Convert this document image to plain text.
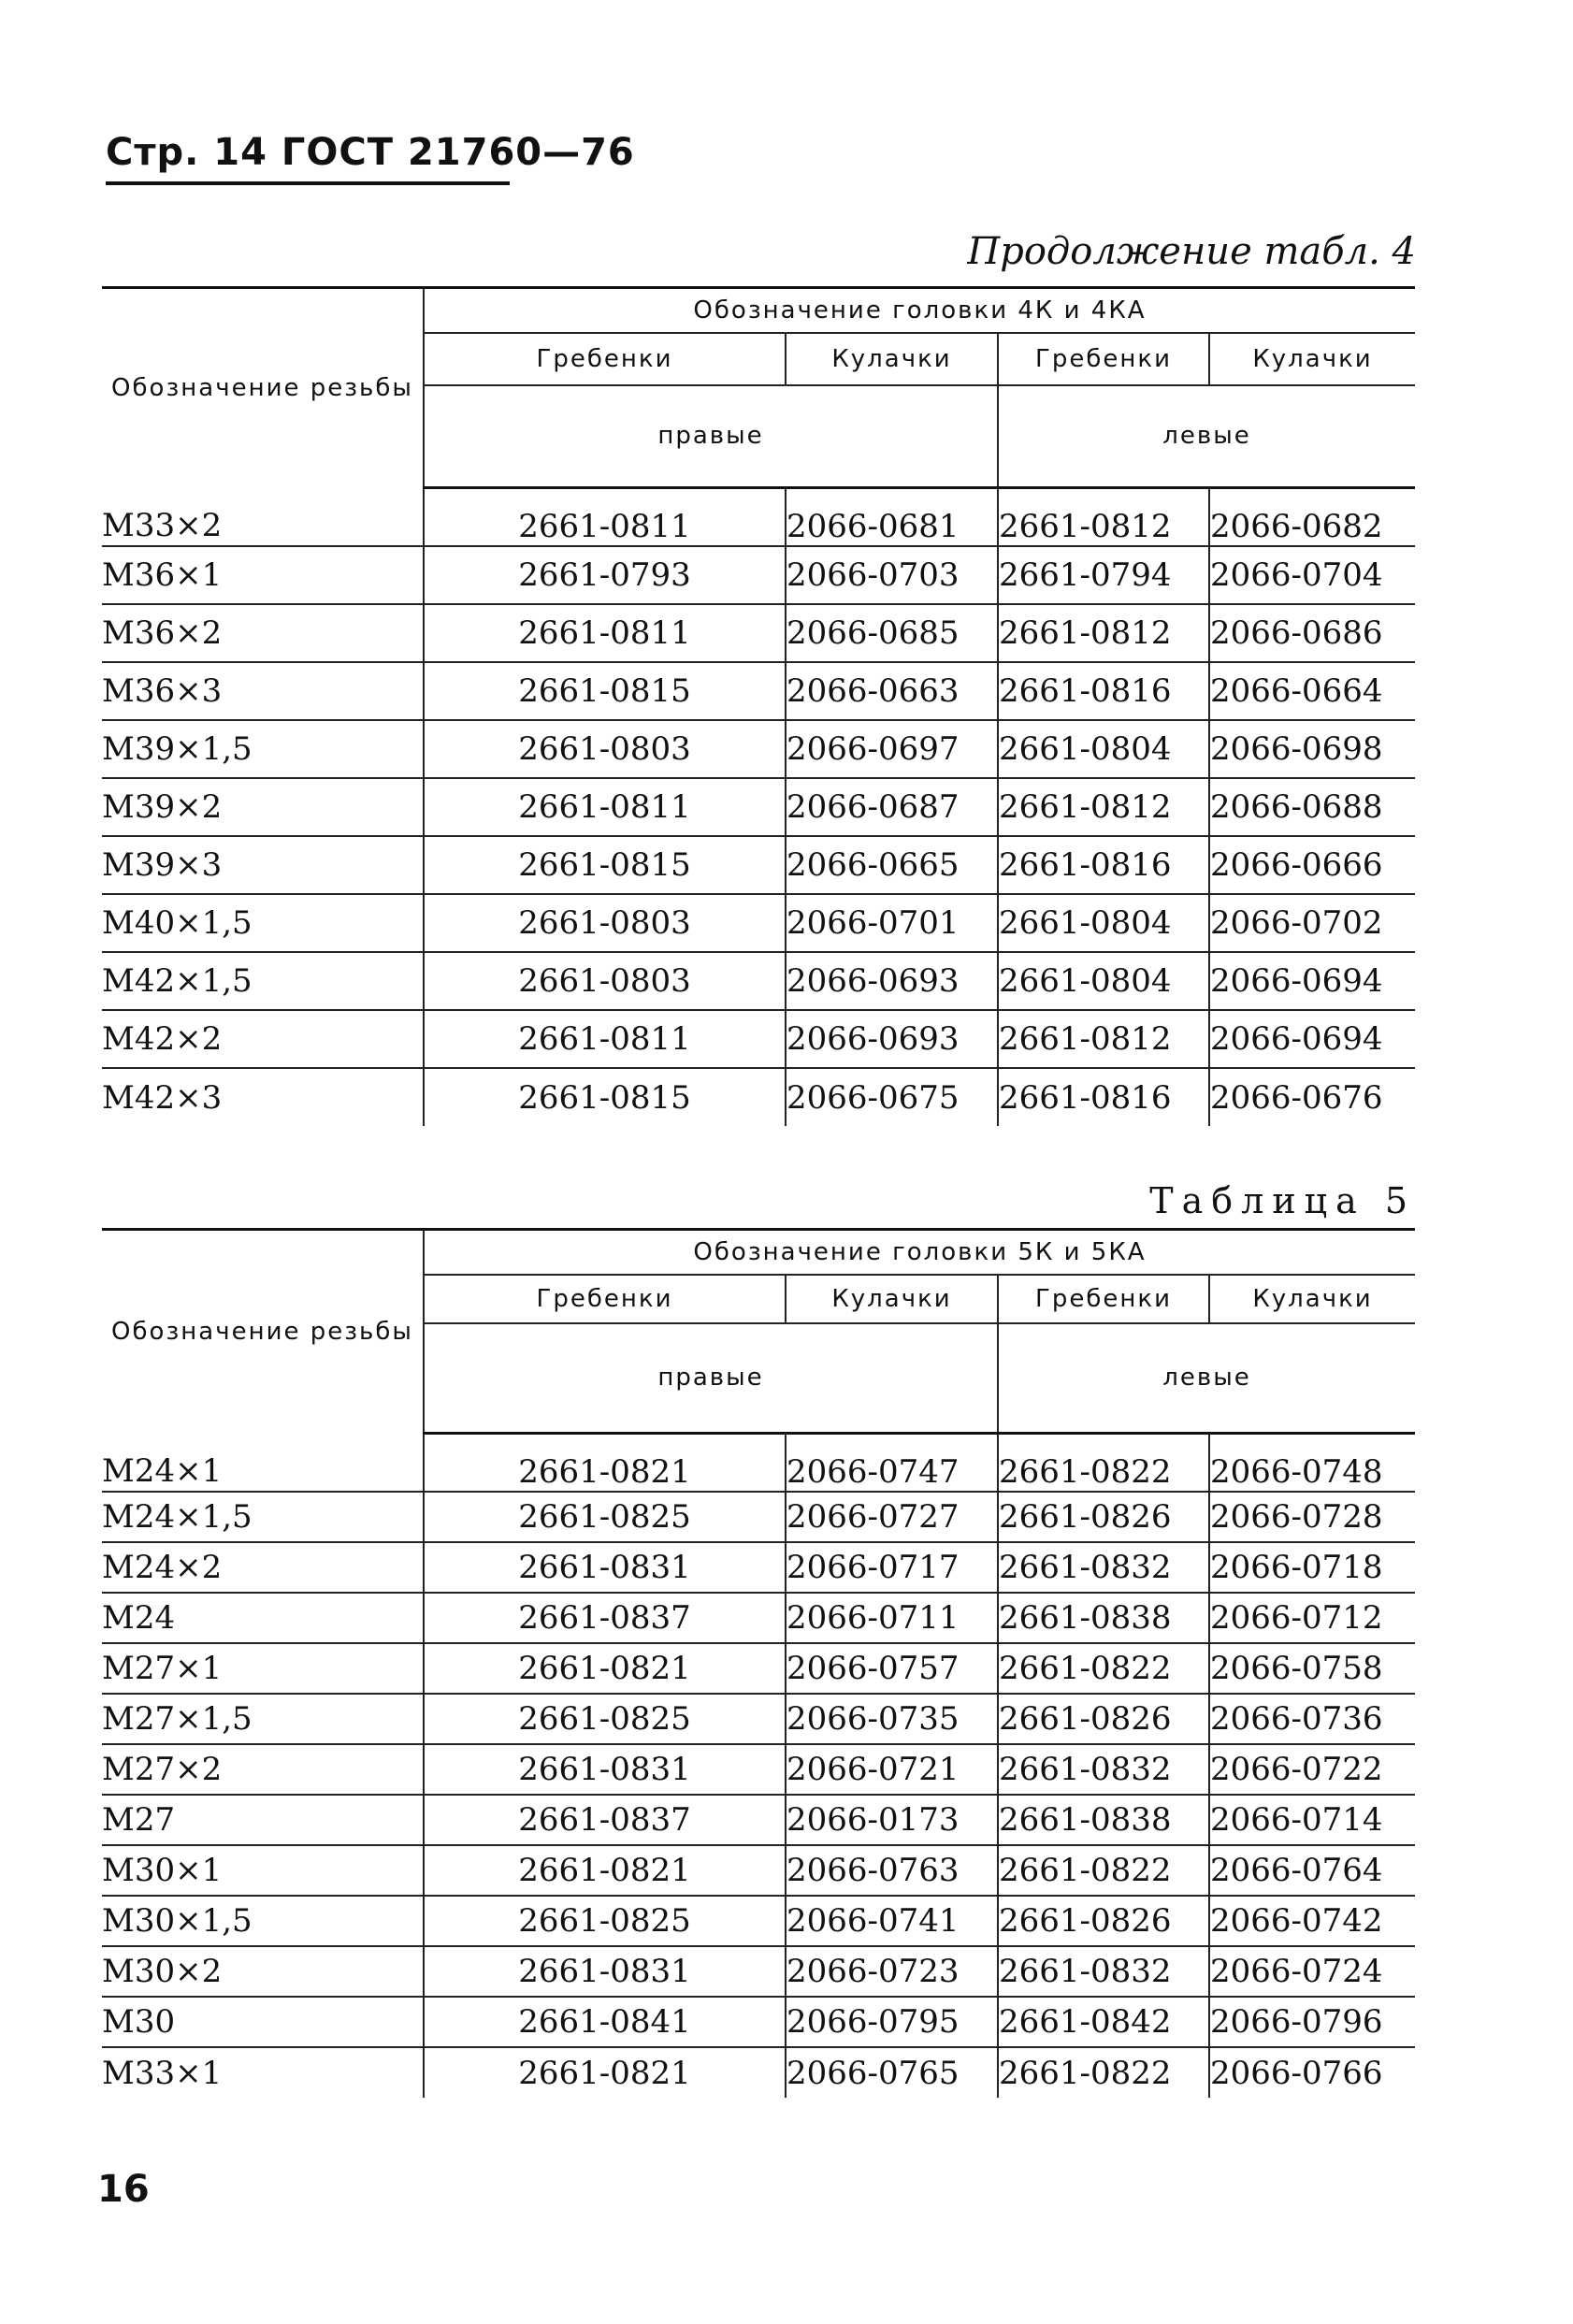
Стр. 14 ГОСТ 21760—76
Продолжение табл. 4
Обозначение резьбы	Обозначение головки 4К и 4КА			
	Гребенки	Кулачки	Гребенки	Кулачки
	правые		левые	
М33×2	2661-0811	2066-0681	2661-0812	2066-0682
М36×1	2661-0793	2066-0703	2661-0794	2066-0704
М36×2	2661-0811	2066-0685	2661-0812	2066-0686
М36×3	2661-0815	2066-0663	2661-0816	2066-0664
М39×1,5	2661-0803	2066-0697	2661-0804	2066-0698
М39×2	2661-0811	2066-0687	2661-0812	2066-0688
М39×3	2661-0815	2066-0665	2661-0816	2066-0666
М40×1,5	2661-0803	2066-0701	2661-0804	2066-0702
М42×1,5	2661-0803	2066-0693	2661-0804	2066-0694
М42×2	2661-0811	2066-0693	2661-0812	2066-0694
М42×3	2661-0815	2066-0675	2661-0816	2066-0676
Таблица 5
Обозначение резьбы	Обозначение головки 5К и 5КА			
	Гребенки	Кулачки	Гребенки	Кулачки
	правые		левые	
М24×1	2661-0821	2066-0747	2661-0822	2066-0748
М24×1,5	2661-0825	2066-0727	2661-0826	2066-0728
М24×2	2661-0831	2066-0717	2661-0832	2066-0718
М24	2661-0837	2066-0711	2661-0838	2066-0712
М27×1	2661-0821	2066-0757	2661-0822	2066-0758
М27×1,5	2661-0825	2066-0735	2661-0826	2066-0736
М27×2	2661-0831	2066-0721	2661-0832	2066-0722
М27	2661-0837	2066-0173	2661-0838	2066-0714
М30×1	2661-0821	2066-0763	2661-0822	2066-0764
М30×1,5	2661-0825	2066-0741	2661-0826	2066-0742
М30×2	2661-0831	2066-0723	2661-0832	2066-0724
М30	2661-0841	2066-0795	2661-0842	2066-0796
М33×1	2661-0821	2066-0765	2661-0822	2066-0766
16
